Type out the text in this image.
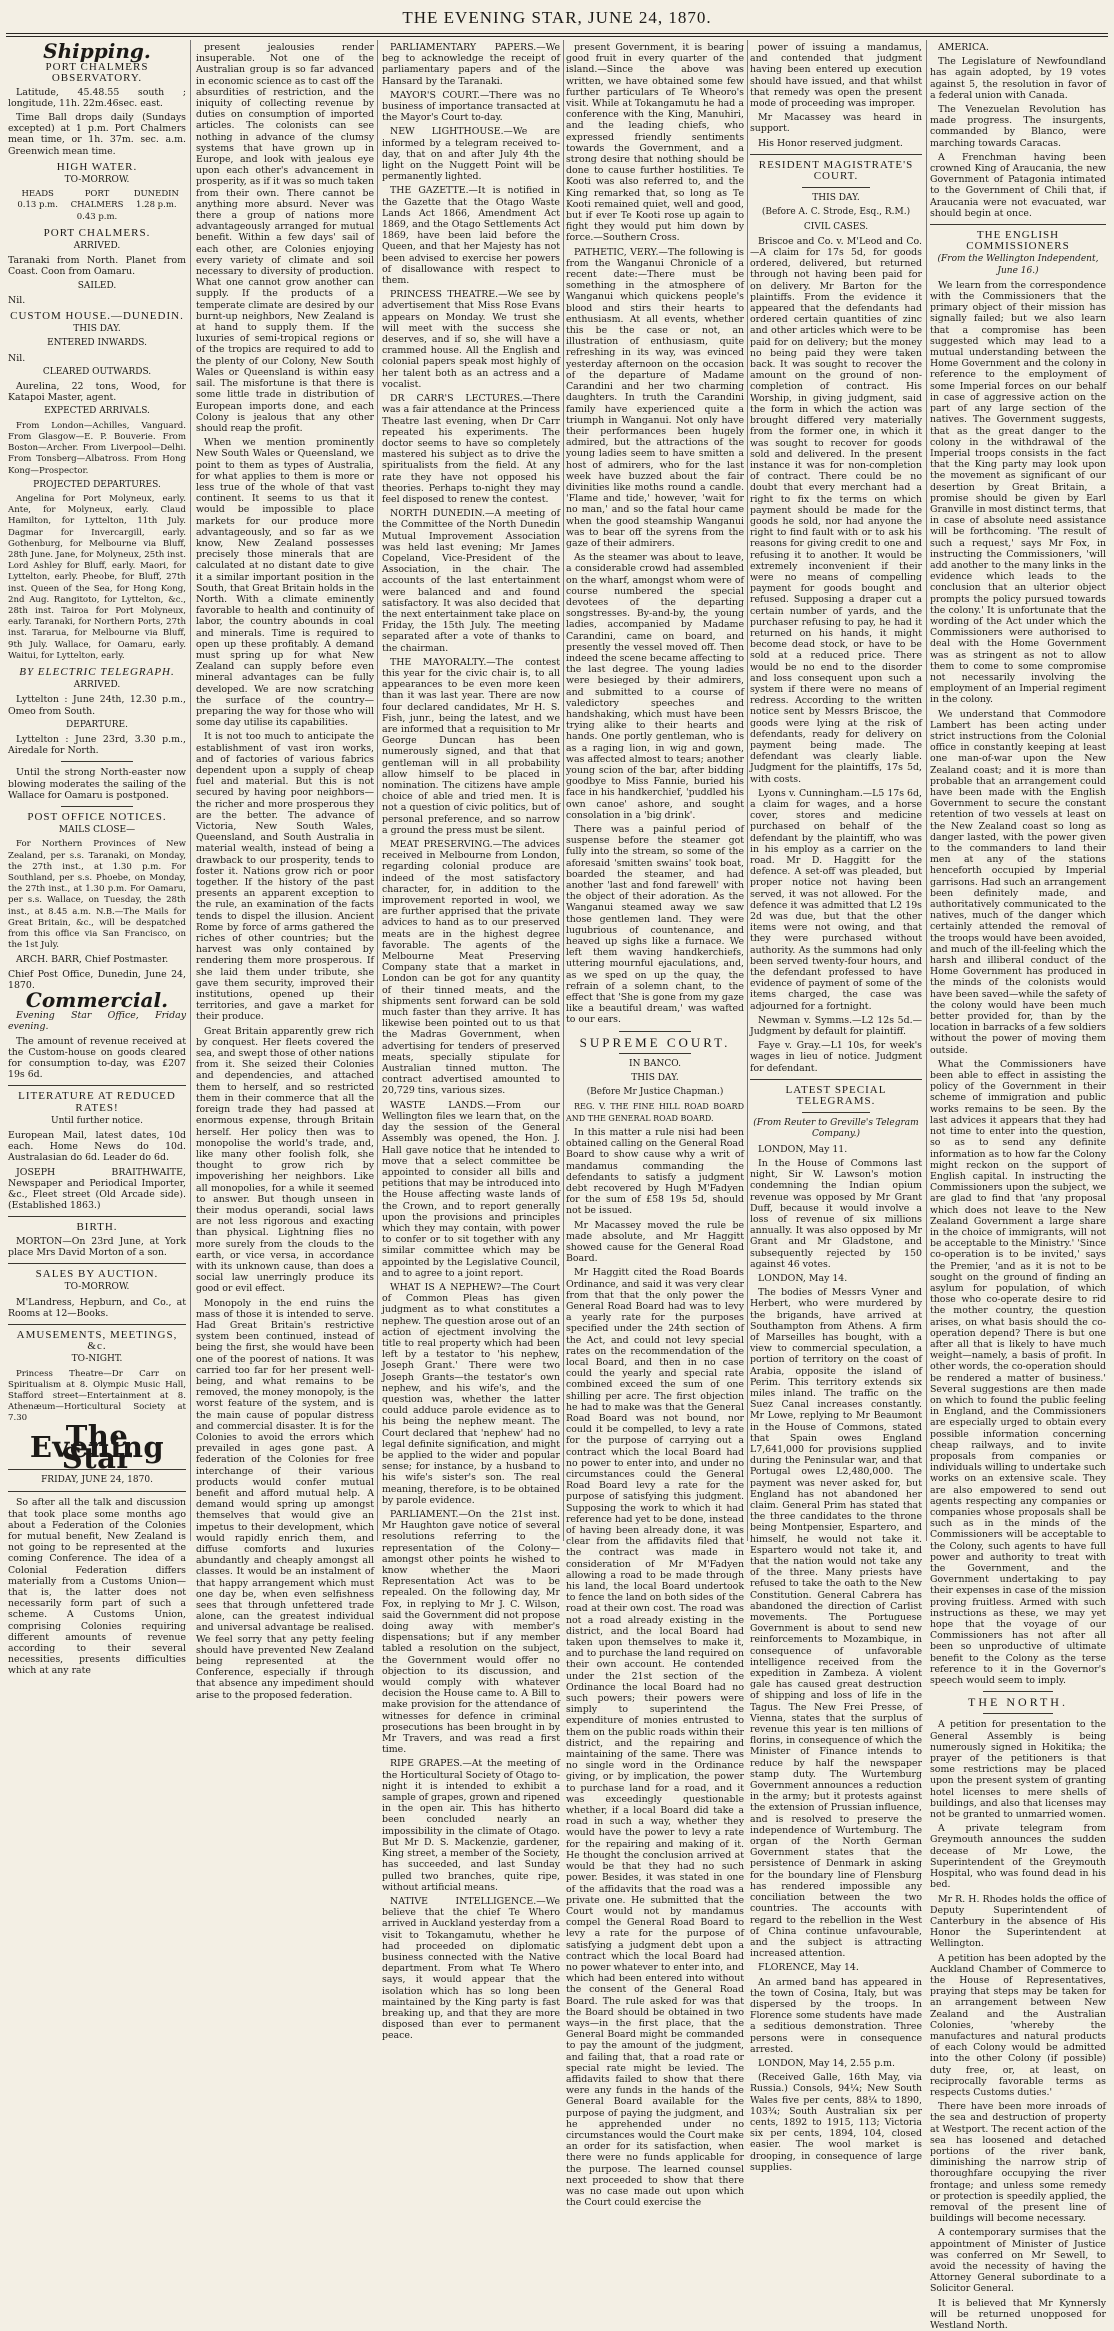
THE EVENING STAR, JUNE 24, 1870.
Shipping.
PORT CHALMERS OBSERVATORY.

Latitude, 45.48.55 south ; longitude, 11h. 22m.46sec. east.

Time Ball drops daily (Sundays excepted) at 1 p.m. Port Chalmers mean time, or 1h. 37m. sec. a.m. Greenwich mean time.

HIGH WATER.
TO-MORROW.
HEADS
0.13 p.m.
PORT CHALMERS
0.43 p.m.
DUNEDIN
1.28 p.m.
PORT CHALMERS.
ARRIVED.

Taranaki from North. Planet from Coast. Coon from Oamaru.

SAILED.

Nil.

CUSTOM HOUSE.—DUNEDIN.
THIS DAY.
ENTERED INWARDS.

Nil.

CLEARED OUTWARDS.

Aurelina, 22 tons, Wood, for Katapoi Master, agent.

EXPECTED ARRIVALS.

From London—Achilles, Vanguard. From Glasgow—E. P. Bouverie. From Boston—Archer. From Liverpool—Delhi. From Tonsberg—Albatross. From Hong Kong—Prospector.

PROJECTED DEPARTURES.

Angelina for Port Molyneux, early. Ante, for Molyneux, early. Claud Hamilton, for Lyttelton, 11th July. Dagmar for Invercargill, early. Gothenburg, for Melbourne via Bluff, 28th June. Jane, for Molyneux, 25th inst. Lord Ashley for Bluff, early. Maori, for Lyttelton, early. Pheobe, for Bluff, 27th inst. Queen of the Sea, for Hong Kong, 2nd Aug. Rangitoto, for Lyttelton, &c., 28th inst. Tairoa for Port Molyneux, early. Taranaki, for Northern Ports, 27th inst. Tararua, for Melbourne via Bluff, 9th July. Wallace, for Oamaru, early. Waitui, for Lyttelton, early.

BY ELECTRIC TELEGRAPH.
ARRIVED.

Lyttelton : June 24th, 12.30 p.m., Omeo from South.

DEPARTURE.

Lyttelton : June 23rd, 3.30 p.m., Airedale for North.

Until the strong North-easter now blowing moderates the sailing of the Wallace for Oamaru is postponed.

POST OFFICE NOTICES.
MAILS CLOSE—

For Northern Provinces of New Zealand, per s.s. Taranaki, on Monday, the 27th inst., at 1.30 p.m. For Southland, per s.s. Phoebe, on Monday, the 27th inst., at 1.30 p.m. For Oamaru, per s.s. Wallace, on Tuesday, the 28th inst., at 8.45 a.m. N.B.—The Mails for Great Britain, &c., will be despatched from this office via San Francisco, on the 1st July.

ARCH. BARR, Chief Postmaster.

Chief Post Office, Dunedin, June 24, 1870.

Commercial.

Evening Star Office, Friday evening.

The amount of revenue received at the Custom-house on goods cleared for consumption to-day, was £207 19s 6d.

LITERATURE AT REDUCED RATES!
Until further notice.

European Mail, latest dates, 10d each. Home News do 10d. Australasian do 6d. Leader do 6d.

JOSEPH BRAITHWAITE, Newspaper and Periodical Importer, &c., Fleet street (Old Arcade side). (Established 1863.)

BIRTH.

MORTON—On 23rd June, at York place Mrs David Morton of a son.

SALES BY AUCTION.
TO-MORROW.

M'Landress, Hepburn, and Co., at Rooms at 12—Books.

AMUSEMENTS, MEETINGS, &c.
TO-NIGHT.

Princess Theatre—Dr Carr on Spiritualism at 8. Olympic Music Hall, Stafford street—Entertainment at 8. Athenæum—Horticultural Society at 7.30

The Evening Star
FRIDAY, JUNE 24, 1870.

So after all the talk and discussion that took place some months ago about a Federation of the Colonies for mutual benefit, New Zealand is not going to be represented at the coming Conference. The idea of a Colonial Federation differs materially from a Customs Union—that is, the latter does not necessarily form part of such a scheme. A Customs Union, comprising Colonies requiring different amounts of revenue according to their several necessities, presents difficulties which at any rate

present jealousies render insuperable. Not one of the Australian group is so far advanced in economic science as to cast off the absurdities of restriction, and the iniquity of collecting revenue by duties on consumption of imported articles. The colonists can see nothing in advance of the clumsy systems that have grown up in Europe, and look with jealous eye upon each other's advancement in prosperity, as if it was so much taken from their own. There cannot be anything more absurd. Never was there a group of nations more advantageously arranged for mutual benefit. Within a few days' sail of each other, are Colonies enjoying every variety of climate and soil necessary to diversity of production. What one cannot grow another can supply. If the products of a temperate climate are desired by our burnt-up neighbors, New Zealand is at hand to supply them. If the luxuries of semi-tropical regions or of the tropics are required to add to the plenty of our Colony, New South Wales or Queensland is within easy sail. The misfortune is that there is some little trade in distribution of European imports done, and each Colony is jealous that any other should reap the profit.

When we mention prominently New South Wales or Queensland, we point to them as types of Australia, for what applies to them is more or less true of the whole of that vast continent. It seems to us that it would be impossible to place markets for our produce more advantageously, and so far as we know, New Zealand possesses precisely those minerals that are calculated at no distant date to give it a similar important position in the South, that Great Britain holds in the North. With a climate eminently favorable to health and continuity of labor, the country abounds in coal and minerals. Time is required to open up these profitably. A demand must spring up for what New Zealand can supply before even mineral advantages can be fully developed. We are now scratching the surface of the country—preparing the way for those who will some day utilise its capabilities.

It is not too much to anticipate the establishment of vast iron works, and of factories of various fabrics dependent upon a supply of cheap fuel and material. But this is not secured by having poor neighbors—the richer and more prosperous they are the better. The advance of Victoria, New South Wales, Queensland, and South Australia in material wealth, instead of being a drawback to our prosperity, tends to foster it. Nations grow rich or poor together. If the history of the past presents an apparent exception to the rule, an examination of the facts tends to dispel the illusion. Ancient Rome by force of arms gathered the riches of other countries; but the harvest was only contained by rendering them more prosperous. If she laid them under tribute, she gave them security, improved their institutions, opened up their territories, and gave a market for their produce.

Great Britain apparently grew rich by conquest. Her fleets covered the sea, and swept those of other nations from it. She seized their Colonies and dependencies, and attached them to herself, and so restricted them in their commerce that all the foreign trade they had passed at enormous expense, through Britain herself. Her policy then was to monopolise the world's trade, and, like many other foolish folk, she thought to grow rich by impoverishing her neighbors. Like all monopolies, for a while it seemed to answer. But though unseen in their modus operandi, social laws are not less rigorous and exacting than physical. Lightning flies no more surely from the clouds to the earth, or vice versa, in accordance with its unknown cause, than does a social law unerringly produce its good or evil effect.

Monopoly in the end ruins the mass of those it is intended to serve. Had Great Britain's restrictive system been continued, instead of being the first, she would have been one of the poorest of nations. It was carried too far for her present well-being, and what remains to be removed, the money monopoly, is the worst feature of the system, and is the main cause of popular distress and commercial disaster. It is for the Colonies to avoid the errors which prevailed in ages gone past. A federation of the Colonies for free interchange of their various products would confer mutual benefit and afford mutual help. A demand would spring up amongst themselves that would give an impetus to their development, which would rapidly enrich them, and diffuse comforts and luxuries abundantly and cheaply amongst all classes. It would be an instalment of that happy arrangement which must one day be, when even selfishness sees that through unfettered trade alone, can the greatest individual and universal advantage be realised. We feel sorry that any petty feeling should have prevented New Zealand being represented at the Conference, especially if through that absence any impediment should arise to the proposed federation.

PARLIAMENTARY PAPERS.—We beg to acknowledge the receipt of parliamentary papers and of the Hansard by the Taranaki.

MAYOR'S COURT.—There was no business of importance transacted at the Mayor's Court to-day.

NEW LIGHTHOUSE.—We are informed by a telegram received to-day, that on and after July 4th the light on the Nuggett Point will be permanently lighted.

THE GAZETTE.—It is notified in the Gazette that the Otago Waste Lands Act 1866, Amendment Act 1869, and the Otago Settlements Act 1869, have been laid before the Queen, and that her Majesty has not been advised to exercise her powers of disallowance with respect to them.

PRINCESS THEATRE.—We see by advertisement that Miss Rose Evans appears on Monday. We trust she will meet with the success she deserves, and if so, she will have a crammed house. All the English and colonial papers speak most highly of her talent both as an actress and a vocalist.

DR CARR'S LECTURES.—There was a fair attendance at the Princess Theatre last evening, when Dr Carr repeated his experiments. The doctor seems to have so completely mastered his subject as to drive the spiritualists from the field. At any rate they have not opposed his theories. Perhaps to-night they may feel disposed to renew the contest.

NORTH DUNEDIN.—A meeting of the Committee of the North Dunedin Mutual Improvement Association was held last evening; Mr James Copeland, Vice-President of the Association, in the chair. The accounts of the last entertainment were balanced and and found satisfactory. It was also decided that the next entertainment take place on Friday, the 15th July. The meeting separated after a vote of thanks to the chairman.

THE MAYORALTY.—The contest this year for the civic chair is, to all appearances to be even more keen than it was last year. There are now four declared candidates, Mr H. S. Fish, junr., being the latest, and we are informed that a requisition to Mr George Duncan has been numerously signed, and that that gentleman will in all probability allow himself to be placed in nomination. The citizens have ample choice of able and tried men. It is not a question of civic politics, but of personal preference, and so narrow a ground the press must be silent.

MEAT PRESERVING.—The advices received in Melbourne from London, regarding colonial produce are indeed of the most satisfactory character, for, in addition to the improvement reported in wool, we are further apprised that the private advices to hand as to our preserved meats are in the highest degree favorable. The agents of the Melbourne Meat Preserving Company state that a market in London can be got for any quantity of their tinned meats, and the shipments sent forward can be sold much faster than they arrive. It has likewise been pointed out to us that the Madras Government, when advertising for tenders of preserved meats, specially stipulate for Australian tinned mutton. The contract advertised amounted to 20,729 tins, various sizes.

WASTE LANDS.—From our Wellington files we learn that, on the day the session of the General Assembly was opened, the Hon. J. Hall gave notice that he intended to move that a select committee be appointed to consider all bills and petitions that may be introduced into the House affecting waste lands of the Crown, and to report generally upon the provisions and principles which they may contain, with power to confer or to sit together with any similar committee which may be appointed by the Legislative Council, and to agree to a joint report.

WHAT IS A NEPHEW?—The Court of Common Pleas has given judgment as to what constitutes a nephew. The question arose out of an action of ejectment involving the title to real property which had been left by a testator to 'his nephew, Joseph Grant.' There were two Joseph Grants—the testator's own nephew, and his wife's, and the question was, whether the latter could adduce parole evidence as to his being the nephew meant. The Court declared that 'nephew' had no legal definite signification, and might be applied to the wider and popular sense; for instance, by a husband to his wife's sister's son. The real meaning, therefore, is to be obtained by parole evidence.

PARLIAMENT.—On the 21st inst. Mr Haughton gave notice of several resolutions referring to the representation of the Colony—amongst other points he wished to know whether the Maori Representation Act was to be repealed. On the following day, Mr Fox, in replying to Mr J. C. Wilson, said the Government did not propose doing away with member's dispensations; but if any member tabled a resolution on the subject, the Government would offer no objection to its discussion, and would comply with whatever decision the House came to. A Bill to make provision for the attendance of witnesses for defence in criminal prosecutions has been brought in by Mr Travers, and was read a first time.

RIPE GRAPES.—At the meeting of the Horticultural Society of Otago to-night it is intended to exhibit a sample of grapes, grown and ripened in the open air. This has hitherto been concluded nearly an impossibility in the climate of Otago. But Mr D. S. Mackenzie, gardener, King street, a member of the Society, has succeeded, and last Sunday pulled two branches, quite ripe, without artificial means.

NATIVE INTELLIGENCE.—We believe that the chief Te Whero arrived in Auckland yesterday from a visit to Tokangamutu, whether he had proceeded on diplomatic business connected with the Native department. From what Te Whero says, it would appear that the isolation which has so long been maintained by the King party is fast breaking up, and that they are more disposed than ever to permanent peace.

present Government, it is bearing good fruit in every quarter of the island.—Since the above was written, we have obtained some few further particulars of Te Wheoro's visit. While at Tokangamutu he had a conference with the King, Manuhiri, and the leading chiefs, who expressed friendly sentiments towards the Government, and a strong desire that nothing should be done to cause further hostilities. Te Kooti was also referred to, and the King remarked that, so long as Te Kooti remained quiet, well and good, but if ever Te Kooti rose up again to fight they would put him down by force.—Southern Cross.

PATHETIC, VERY.—The following is from the Wanganui Chronicle of a recent date:—There must be something in the atmosphere of Wanganui which quickens people's blood and stirs their hearts to enthusiasm. At all events, whether this be the case or not, an illustration of enthusiasm, quite refreshing in its way, was evinced yesterday afternoon on the occasion of the departure of Madame Carandini and her two charming daughters. In truth the Carandini family have experienced quite a triumph in Wanganui. Not only have their performances been hugely admired, but the attractions of the young ladies seem to have smitten a host of admirers, who for the last week have buzzed about the fair divinities like moths round a candle. 'Flame and tide,' however, 'wait for no man,' and so the fatal hour came when the good steamship Wanganui was to bear off the syrens from the gaze of their admirers.

As the steamer was about to leave, a considerable crowd had assembled on the wharf, amongst whom were of course numbered the special devotees of the departing songstresses. By-and-by, the young ladies, accompanied by Madame Carandini, came on board, and presently the vessel moved off. Then indeed the scene became affecting to the last degree. The young ladies were besieged by their admirers, and submitted to a course of valedictory speeches and handshaking, which must have been trying alike to their hearts and hands. One portly gentleman, who is as a raging lion, in wig and gown, was affected almost to tears; another young scion of the bar, after bidding goodbye to Miss Fannie, buried his face in his handkerchief, 'puddled his own canoe' ashore, and sought consolation in a 'big drink'.

There was a painful period of suspense before the steamer got fully into the stream, so some of the aforesaid 'smitten swains' took boat, boarded the steamer, and had another 'last and fond farewell' with the object of their adoration. As the Wanganui steamed away we saw those gentlemen land. They were lugubrious of countenance, and heaved up sighs like a furnace. We left them waving handkerchiefs, uttering mournful ejaculations, and, as we sped on up the quay, the refrain of a solemn chant, to the effect that 'She is gone from my gaze like a beautiful dream,' was wafted to our ears.

SUPREME COURT.
IN BANCO.
THIS DAY.
(Before Mr Justice Chapman.)

REG. V. THE FINE HILL ROAD BOARD AND THE GENERAL ROAD BOARD.

In this matter a rule nisi had been obtained calling on the General Road Board to show cause why a writ of mandamus commanding the defendants to satisfy a judgment debt recovered by Hugh M'Fadyen for the sum of £58 19s 5d, should not be issued.

Mr Macassey moved the rule be made absolute, and Mr Haggitt showed cause for the General Road Board.

Mr Haggitt cited the Road Boards Ordinance, and said it was very clear from that that the only power the General Road Board had was to levy a yearly rate for the purposes specified under the 24th section of the Act, and could not levy special rates on the recommendation of the local Board, and then in no case could the yearly and special rate combined exceed the sum of one shilling per acre. The first objection he had to make was that the General Road Board was not bound, nor could it be compelled, to levy a rate for the purpose of carrying out a contract which the local Board had no power to enter into, and under no circumstances could the General Road Board levy a rate for the purpose of satisfying this judgment. Supposing the work to which it had reference had yet to be done, instead of having been already done, it was clear from the affidavits filed that the contract was made in consideration of Mr M'Fadyen allowing a road to be made through his land, the local Board undertook to fence the land on both sides of the road at their own cost. The road was not a road already existing in the district, and the local Board had taken upon themselves to make it, and to purchase the land required on their own account. He contended under the 21st section of the Ordinance the local Board had no such powers; their powers were simply to superintend the expenditure of monies entrusted to them on the public roads within their district, and the repairing and maintaining of the same. There was no single word in the Ordinance giving, or by implication, the power to purchase land for a road, and it was exceedingly questionable whether, if a local Board did take a road in such a way, whether they would have the power to levy a rate for the repairing and making of it. He thought the conclusion arrived at would be that they had no such power. Besides, it was stated in one of the affidavits that the road was a private one. He submitted that the Court would not by mandamus compel the General Road Board to levy a rate for the purpose of satisfying a judgment debt upon a contract which the local Board had no power whatever to enter into, and which had been entered into without the consent of the General Road Board. The rule asked for was that the Board should be obtained in two ways—in the first place, that the General Board might be commanded to pay the amount of the judgment, and failing that, that a road rate or special rate might be levied. The affidavits failed to show that there were any funds in the hands of the General Board available for the purpose of paying the judgment, and he apprehended under no circumstances would the Court make an order for its satisfaction, when there were no funds applicable for the purpose. The learned counsel next proceeded to show that there was no case made out upon which the Court could exercise the

power of issuing a mandamus, and contended that judgment having been entered up execution should have issued, and that whilst that remedy was open the present mode of proceeding was improper.

Mr Macassey was heard in support.

His Honor reserved judgment.

RESIDENT MAGISTRATE'S COURT.
THIS DAY.
(Before A. C. Strode, Esq., R.M.)
CIVIL CASES.

Briscoe and Co. v. M'Leod and Co.—A claim for 17s 5d, for goods ordered, delivered, but returned through not having been paid for on delivery. Mr Barton for the plaintiffs. From the evidence it appeared that the defendants had ordered certain quantities of zinc and other articles which were to be paid for on delivery; but the money no being paid they were taken back. It was sought to recover the amount on the ground of non-completion of contract. His Worship, in giving judgment, said the form in which the action was brought differed very materially from the former one, in which it was sought to recover for goods sold and delivered. In the present instance it was for non-completion of contract. There could be no doubt that every merchant had a right to fix the terms on which payment should be made for the goods he sold, nor had anyone the right to find fault with or to ask his reasons for giving credit to one and refusing it to another. It would be extremely inconvenient if their were no means of compelling payment for goods bought and refused. Supposing a draper cut a certain number of yards, and the purchaser refusing to pay, he had it returned on his hands, it might become dead stock, or have to be sold at a reduced price. There would be no end to the disorder and loss consequent upon such a system if there were no means of redress. According to the written notice sent by Messrs Briscoe, the goods were lying at the risk of defendants, ready for delivery on payment being made. The defendant was clearly liable. Judgment for the plaintiffs, 17s 5d, with costs.

Lyons v. Cunningham.—L5 17s 6d, a claim for wages, and a horse cover, stores and medicine purchased on behalf of the defendant by the plaintiff, who was in his employ as a carrier on the road. Mr D. Haggitt for the defence. A set-off was pleaded, but proper notice not having been served, it was not allowed. For the defence it was admitted that L2 19s 2d was due, but that the other items were not owing, and that they were purchased without authority. As the summons had only been served twenty-four hours, and the defendant professed to have evidence of payment of some of the items charged, the case was adjourned for a fortnight.

Newman v. Symms.—L2 12s 5d.—Judgment by default for plaintiff.

Faye v. Gray.—L1 10s, for week's wages in lieu of notice. Judgment for defendant.

LATEST SPECIAL TELEGRAMS.
(From Reuter to Greville's Telegram Company.)

LONDON, May 11.

In the House of Commons last night, Sir W. Lawson's motion condemning the Indian opium revenue was opposed by Mr Grant Duff, because it would involve a loss of revenue of six millions annually. It was also opposed by Mr Grant and Mr Gladstone, and subsequently rejected by 150 against 46 votes.

LONDON, May 14.

The bodies of Messrs Vyner and Herbert, who were murdered by the brigands, have arrived at Southampton from Athens. A firm of Marseilles has bought, with a view to commercial speculation, a portion of territory on the coast of Arabia, opposite the island of Perim. This territory extends six miles inland. The traffic on the Suez Canal increases constantly. Mr Lowe, replying to Mr Beaumont in the House of Commons, stated that Spain owes England L7,641,000 for provisions supplied during the Peninsular war, and that Portugal owes L2,480,000. The payment was never asked for, but England has not abandoned her claim. General Prim has stated that the three candidates to the throne being Montpensier, Espartero, and himself, he would not take it. Espartero would not take it, and that the nation would not take any of the three. Many priests have refused to take the oath to the New Constitution. General Cabrera has abandoned the direction of Carlist movements. The Portuguese Government is about to send new reinforcements to Mozambique, in consequence of unfavorable intelligence received from the expedition in Zambeza. A violent gale has caused great destruction of shipping and loss of life in the Tagus. The New Frei Presse, of Vienna, states that the surplus of revenue this year is ten millions of florins, in consequence of which the Minister of Finance intends to reduce by half the newspaper stamp duty. The Wurtemburg Government announces a reduction in the army; but it protests against the extension of Prussian influence, and is resolved to preserve the independence of Wurtemburg. The organ of the North German Government states that the persistence of Denmark in asking for the boundary line of Flensburg has rendered impossible any conciliation between the two countries. The accounts with regard to the rebellion in the West of China continue unfavourable, and the subject is attracting increased attention.

FLORENCE, May 14.

An armed band has appeared in the town of Cosina, Italy, but was dispersed by the troops. In Florence some students have made a seditious demonstration. Three persons were in consequence arrested.

LONDON, May 14, 2.55 p.m.

(Received Galle, 16th May, via Russia.) Consols, 94¼; New South Wales five per cents, 88¼ to 1890, 103¾; South Australian six per cents, 1892 to 1915, 113; Victoria six per cents, 1894, 104, closed easier. The wool market is drooping, in consequence of large supplies.

AMERICA.

The Legislature of Newfoundland has again adopted, by 19 votes against 5, the resolution in favor of a federal union with Canada.

The Venezuelan Revolution has made progress. The insurgents, commanded by Blanco, were marching towards Caracas.

A Frenchman having been crowned King of Araucania, the new Government of Patagonia intimated to the Government of Chili that, if Araucania were not evacuated, war should begin at once.

THE ENGLISH COMMISSIONERS
(From the Wellington Independent, June 16.)

We learn from the correspondence with the Commissioners that the primary object of their mission has signally failed; but we also learn that a compromise has been suggested which may lead to a mutual understanding between the Home Government and the colony in reference to the employment of some Imperial forces on our behalf in case of aggressive action on the part of any large section of the natives. The Government suggests, that as the great danger to the colony in the withdrawal of the Imperial troops consists in the fact that the King party may look upon the movement as significant of our desertion by Great Britain, a promise should be given by Earl Granville in most distinct terms, that in case of absolute need assistance will be forthcoming. 'The result of such a request,' says Mr Fox, in instructing the Commissioners, 'will add another to the many links in the evidence which leads to the conclusion that an ulterior object prompts the policy pursued towards the colony.' It is unfortunate that the wording of the Act under which the Commissioners were authorised to deal with the Home Government was as stringent as not to allow them to come to some compromise not necessarily involving the employment of an Imperial regiment in the colony.

We understand that Commodore Lambert has been acting under strict instructions from the Colonial office in constantly keeping at least one man-of-war upon the New Zealand coast; and it is more than probable that an arrangement could have been made with the English Government to secure the constant retention of two vessels at least on the New Zealand coast so long as danger lasted, with the power given to the commanders to land their men at any of the stations henceforth occupied by Imperial garrisons. Had such an arrangement been definitely made, and authoritatively communicated to the natives, much of the danger which certainly attended the removal of the troops would have been avoided, and much of the ill-feeling which the harsh and illiberal conduct of the Home Government has produced in the minds of the colonists would have been saved—while the safety of the colony would have been much better provided for, than by the location in barracks of a few soldiers without the power of moving them outside.

What the Commissioners have been able to effect in assisting the policy of the Government in their scheme of immigration and public works remains to be seen. By the last advices it appears that they had not time to enter into the question, so as to send any definite information as to how far the Colony might reckon on the support of English capital. In instructing the Commissioners upon the subject, we are glad to find that 'any proposal which does not leave to the New Zealand Government a large share in the choice of immigrants, will not be acceptable to the Ministry.' 'Since co-operation is to be invited,' says the Premier, 'and as it is not to be sought on the ground of finding an asylum for population, of which those who co-operate desire to rid the mother country, the question arises, on what basis should the co-operation depend? There is but one after all that is likely to have much weight—namely, a basis of profit. In other words, the co-operation should be rendered a matter of business.' Several suggestions are then made on which to found the public feeling in England, and the Commissioners are especially urged to obtain every possible information concerning cheap railways, and to invite proposals from companies or individuals willing to undertake such works on an extensive scale. They are also empowered to send out agents respecting any companies or companies whose proposals shall be such as in the minds of the Commissioners will be acceptable to the Colony, such agents to have full power and authority to treat with the Government, and the Government undertaking to pay their expenses in case of the mission proving fruitless. Armed with such instructions as these, we may yet hope that the voyage of our Commissioners has not after all been so unproductive of ultimate benefit to the Colony as the terse reference to it in the Governor's speech would seem to imply.

THE NORTH.

A petition for presentation to the General Assembly is being numerously signed in Hokitika; the prayer of the petitioners is that some restrictions may be placed upon the present system of granting hotel licenses to mere shells of buildings, and also that licenses may not be granted to unmarried women.

A private telegram from Greymouth announces the sudden decease of Mr Lowe, the Superintendent of the Greymouth Hospital, who was found dead in his bed.

Mr R. H. Rhodes holds the office of Deputy Superintendent of Canterbury in the absence of His Honor the Superintendent at Wellington.

A petition has been adopted by the Auckland Chamber of Commerce to the House of Representatives, praying that steps may be taken for an arrangement between New Zealand and the Australian Colonies, 'whereby the manufactures and natural products of each Colony would be admitted into the other Colony (if possible) duty free, or, at least, on reciprocally favorable terms as respects Customs duties.'

There have been more inroads of the sea and destruction of property at Westport. The recent action of the sea has loosened and detached portions of the river bank, diminishing the narrow strip of thoroughfare occupying the river frontage; and unless some remedy or protection is speedily applied, the removal of the present line of buildings will become necessary.

A contemporary surmises that the appointment of Minister of Justice was conferred on Mr Sewell, to avoid the necessity of having the Attorney General subordinate to a Solicitor General.

It is believed that Mr Kynnersly will be returned unopposed for Westland North.
